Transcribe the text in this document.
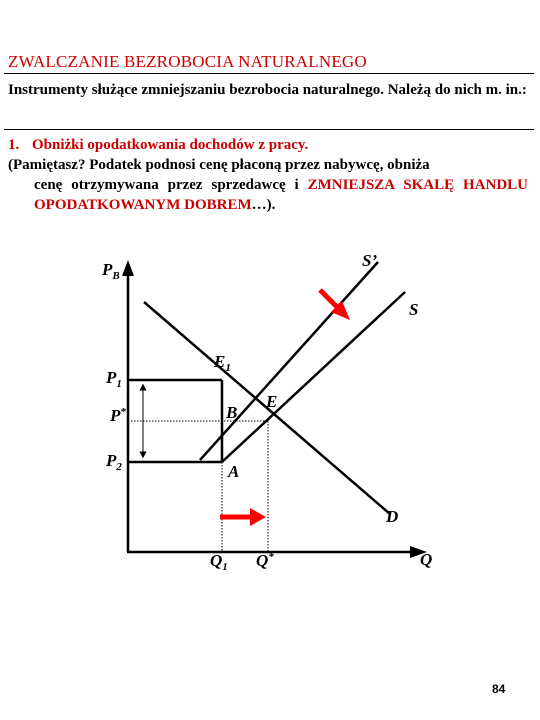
ZWALCZANIE BEZROBOCIA NATURALNEGO
Instrumenty służące zmniejszaniu bezrobocia naturalnego. Należą do nich m. in.:
1. Obniżki opodatkowania dochodów z pracy.
(Pamiętasz? Podatek podnosi cenę płaconą przez nabywcę, obniża
cenę otrzymywana przez sprzedawcę i ZMNIEJSZA SKALĘ HANDLU OPODATKOWANYM DOBREM…).
$P_B$
S’
S
$E_1$
$P_1$
E
B
P*
$P_2$	A
D
$Q_1$ Q*	Q
84
